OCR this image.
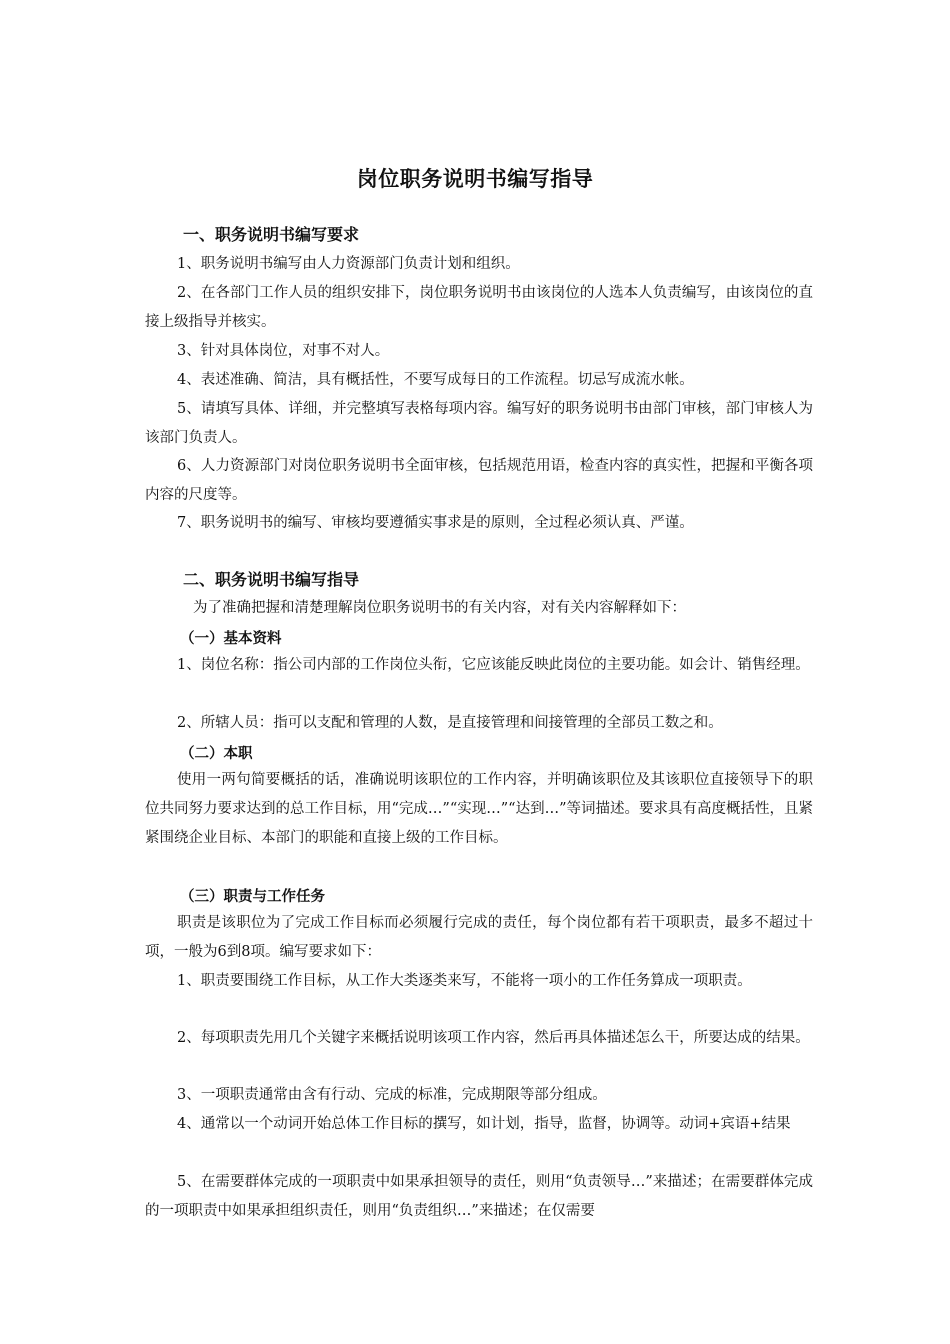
岗位职务说明书编写指导
一、职务说明书编写要求

1、职务说明书编写由人力资源部门负责计划和组织。

2、在各部门工作人员的组织安排下，岗位职务说明书由该岗位的人选本人负责编写，由该岗位的直接上级指导并核实。

3、针对具体岗位，对事不对人。

4、表述准确、简洁，具有概括性，不要写成每日的工作流程。切忌写成流水帐。

5、请填写具体、详细，并完整填写表格每项内容。编写好的职务说明书由部门审核，部门审核人为该部门负责人。

6、人力资源部门对岗位职务说明书全面审核，包括规范用语，检查内容的真实性，把握和平衡各项内容的尺度等。

7、职务说明书的编写、审核均要遵循实事求是的原则，全过程必须认真、严谨。

二、职务说明书编写指导

为了准确把握和清楚理解岗位职务说明书的有关内容，对有关内容解释如下：

（一）基本资料

1、岗位名称：指公司内部的工作岗位头衔，它应该能反映此岗位的主要功能。如会计、销售经理。

2、所辖人员：指可以支配和管理的人数，是直接管理和间接管理的全部员工数之和。

（二）本职

使用一两句简要概括的话，准确说明该职位的工作内容，并明确该职位及其该职位直接领导下的职位共同努力要求达到的总工作目标，用“完成…”“实现…”“达到…”等词描述。要求具有高度概括性，且紧紧围绕企业目标、本部门的职能和直接上级的工作目标。

（三）职责与工作任务

职责是该职位为了完成工作目标而必须履行完成的责任，每个岗位都有若干项职责，最多不超过十项，一般为6到8项。编写要求如下：

1、职责要围绕工作目标，从工作大类逐类来写，不能将一项小的工作任务算成一项职责。

2、每项职责先用几个关键字来概括说明该项工作内容，然后再具体描述怎么干，所要达成的结果。

3、一项职责通常由含有行动、完成的标准，完成期限等部分组成。

4、通常以一个动词开始总体工作目标的撰写，如计划，指导，监督，协调等。动词+宾语+结果

5、在需要群体完成的一项职责中如果承担领导的责任，则用“负责领导…”来描述；在需要群体完成的一项职责中如果承担组织责任，则用“负责组织…”来描述；在仅需要
